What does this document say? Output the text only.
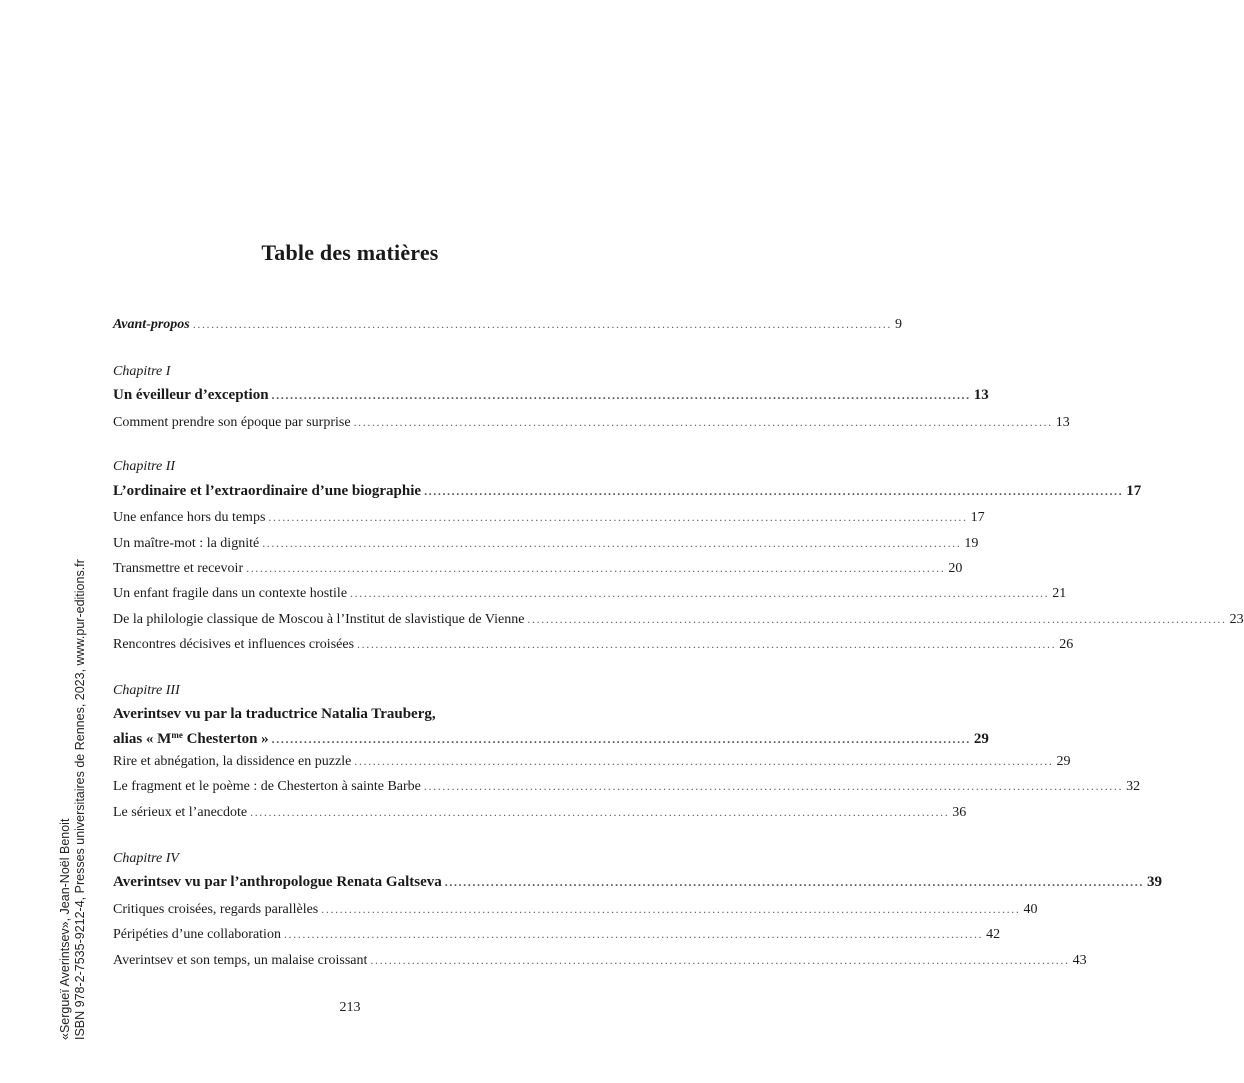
«Sergueï Averintsev», Jean-Noël Benoit ISBN 978-2-7535-9212-4, Presses universitaires de Rennes, 2023, www.pur-editions.fr
Table des matières
Avant-propos ........................................................................................................................................................ 9
Chapitre I
Un éveilleur d’exception ........................................................................................................................................................ 13
Comment prendre son époque par surprise ........................................................................................................................................................ 13
Chapitre II
L’ordinaire et l’extraordinaire d’une biographie ........................................................................................................................................................ 17
Une enfance hors du temps ........................................................................................................................................................ 17
Un maître-mot : la dignité ........................................................................................................................................................ 19
Transmettre et recevoir ........................................................................................................................................................ 20
Un enfant fragile dans un contexte hostile ........................................................................................................................................................ 21
De la philologie classique de Moscou à l’Institut de slavistique de Vienne ........................................................................................................................................................ 23
Rencontres décisives et influences croisées ........................................................................................................................................................ 26
Chapitre III
Averintsev vu par la traductrice Natalia Trauberg,
alias « $M^{me}$ Chesterton » ........................................................................................................................................................ 29
Rire et abnégation, la dissidence en puzzle ........................................................................................................................................................ 29
Le fragment et le poème : de Chesterton à sainte Barbe ........................................................................................................................................................ 32
Le sérieux et l’anecdote ........................................................................................................................................................ 36
Chapitre IV
Averintsev vu par l’anthropologue Renata Galtseva ........................................................................................................................................................ 39
Critiques croisées, regards parallèles ........................................................................................................................................................ 40
Péripéties d’une collaboration ........................................................................................................................................................ 42
Averintsev et son temps, un malaise croissant ........................................................................................................................................................ 43
213
